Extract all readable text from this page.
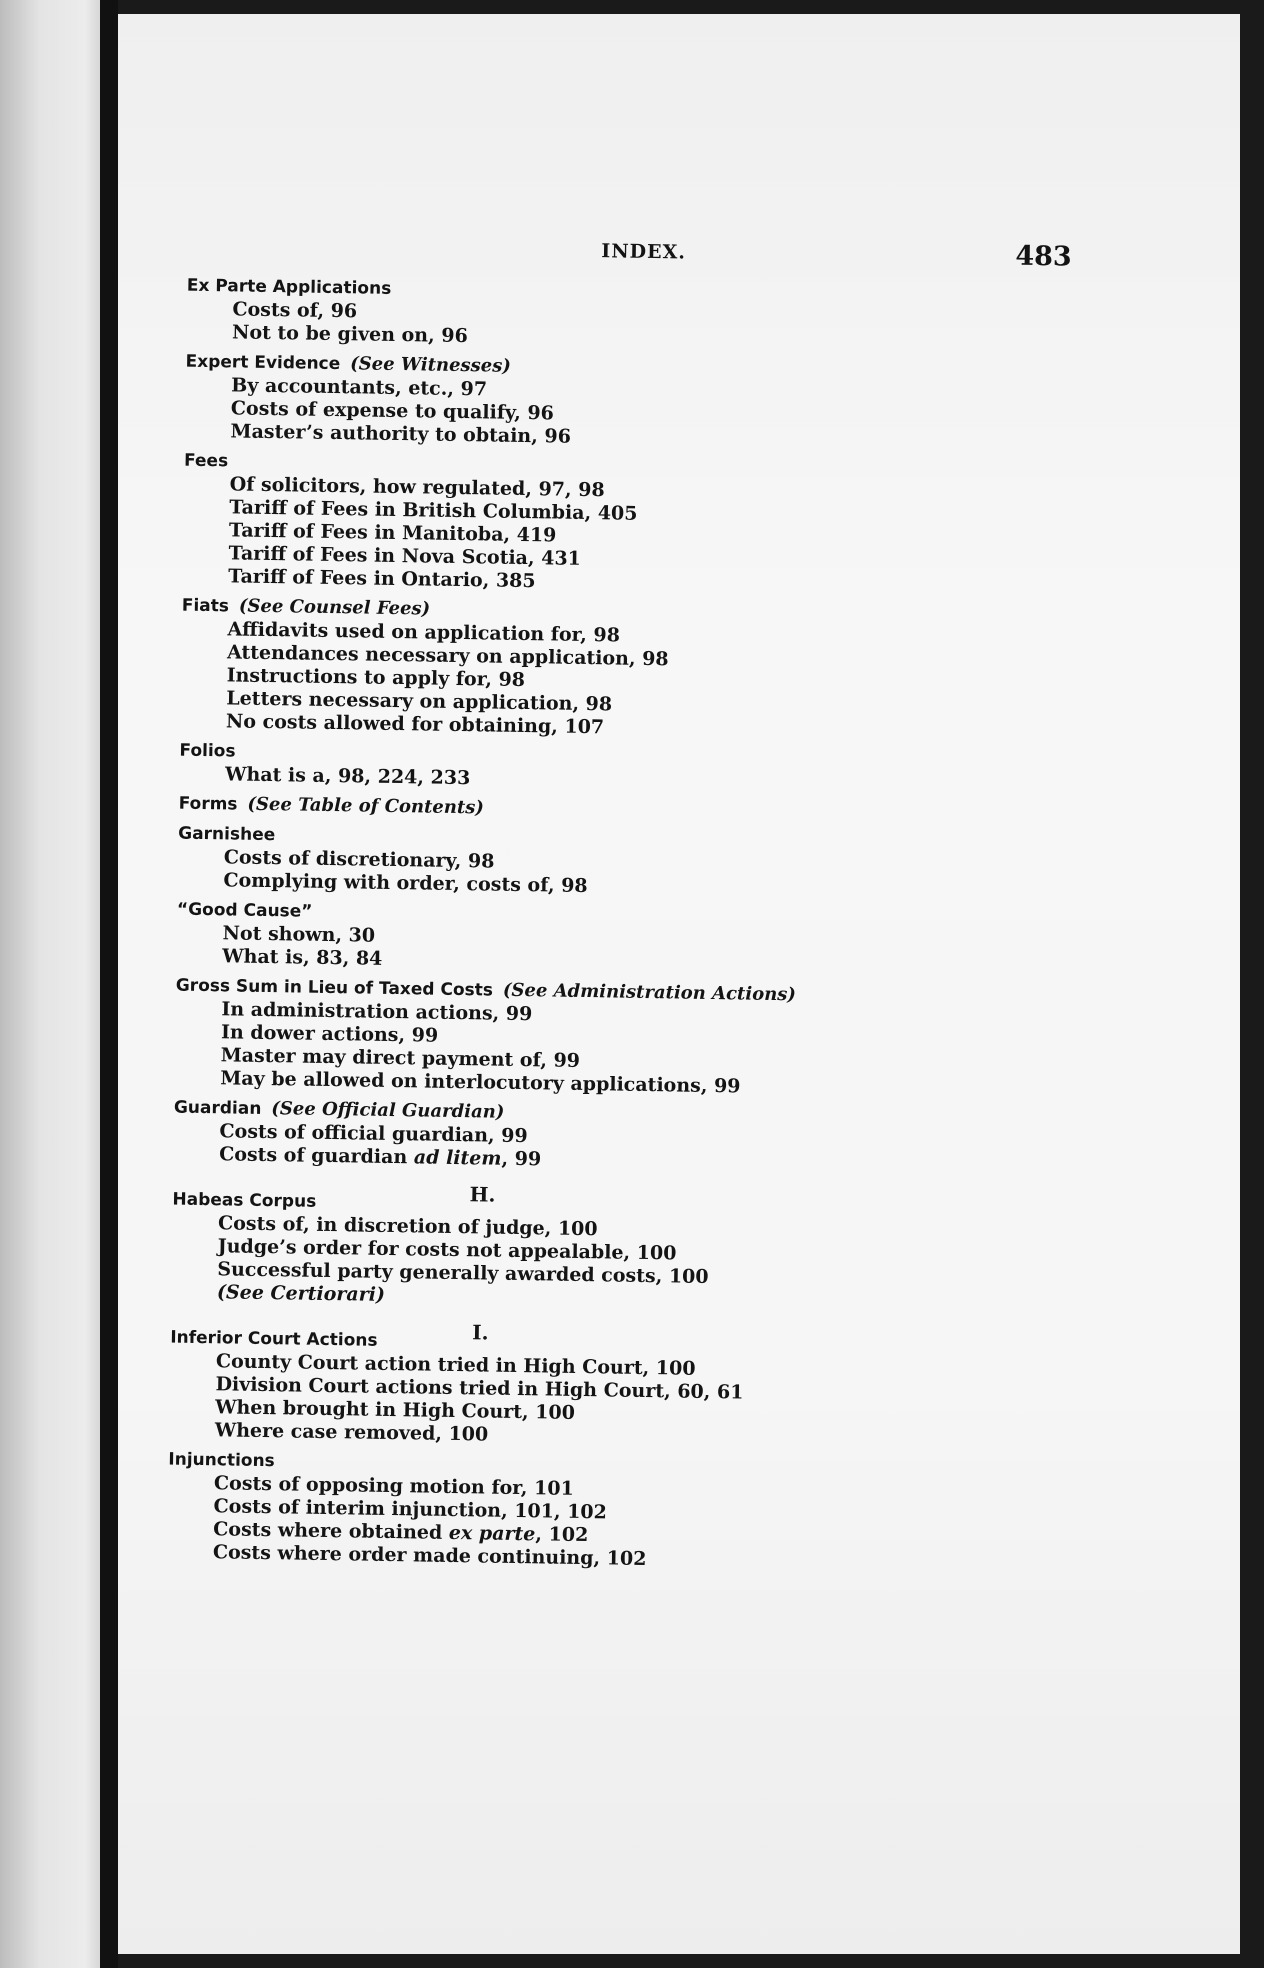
INDEX.	483
Ex Parte Applications
Costs of, 96
Not to be given on, 96
Expert Evidence (See Witnesses)
By accountants, etc., 97
Costs of expense to qualify, 96
Master’s authority to obtain, 96
Fees
Of solicitors, how regulated, 97, 98
Tariff of Fees in British Columbia, 405
Tariff of Fees in Manitoba, 419
Tariff of Fees in Nova Scotia, 431
Tariff of Fees in Ontario, 385
Fiats (See Counsel Fees)
Affidavits used on application for, 98
Attendances necessary on application, 98
Instructions to apply for, 98
Letters necessary on application, 98
No costs allowed for obtaining, 107
Folios
What is a, 98, 224, 233
Forms (See Table of Contents)
Garnishee
Costs of discretionary, 98
Complying with order, costs of, 98
“Good Cause”
Not shown, 30
What is, 83, 84
Gross Sum in Lieu of Taxed Costs (See Administration Actions)
In administration actions, 99
In dower actions, 99
Master may direct payment of, 99
May be allowed on interlocutory applications, 99
Guardian (See Official Guardian)
Costs of official guardian, 99
Costs of guardian ad litem, 99
H.
Habeas Corpus
Costs of, in discretion of judge, 100
Judge’s order for costs not appealable, 100
Successful party generally awarded costs, 100
(See Certiorari)
I.
Inferior Court Actions
County Court action tried in High Court, 100
Division Court actions tried in High Court, 60, 61
When brought in High Court, 100
Where case removed, 100
Injunctions
Costs of opposing motion for, 101
Costs of interim injunction, 101, 102
Costs where obtained ex parte, 102
Costs where order made continuing, 102
